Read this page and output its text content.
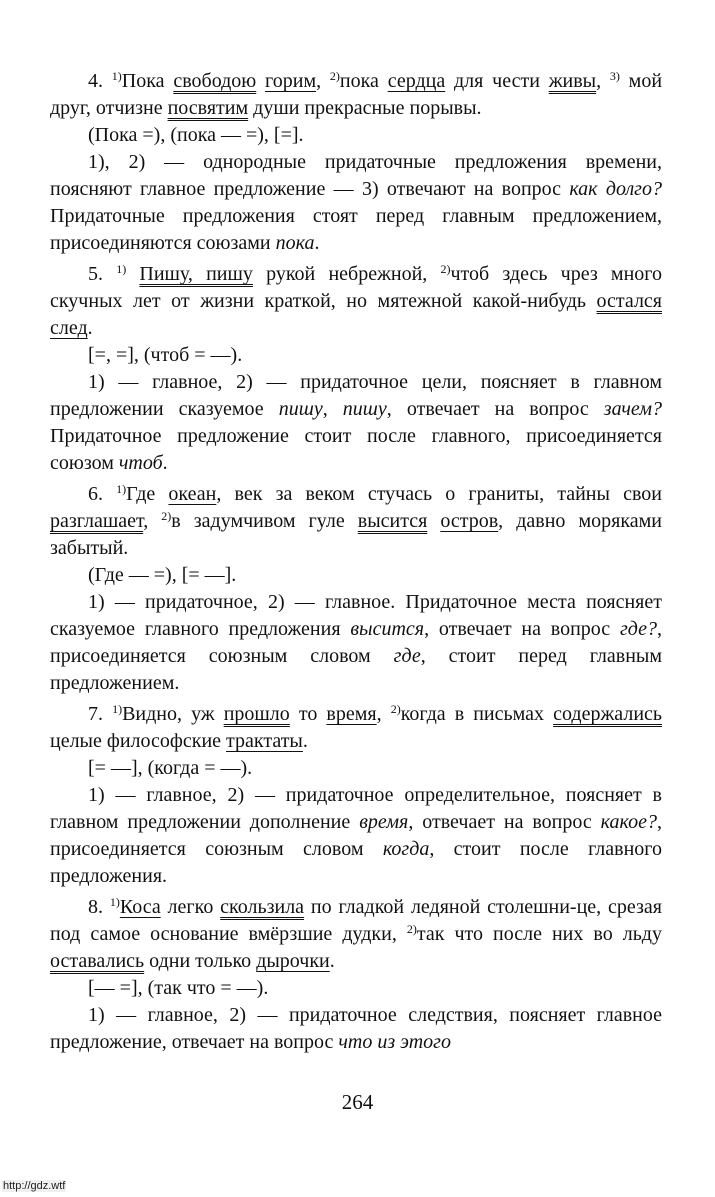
4. $^{1)}$Пока свободою горим, $^{2)}$пока сердца для чести живы, $^{3)}$ мой друг, отчизне посвятим души прекрасные порывы.

(Пока =), (пока — =), [=].

1), 2) — однородные придаточные предложения времени, поясняют главное предложение — 3) отвечают на вопрос как долго? Придаточные предложения стоят перед главным предложением, присоединяются союзами пока.

5. $^{1)}$ Пишу, пишу рукой небрежной, $^{2)}$чтоб здесь чрез много скучных лет от жизни краткой, но мятежной какой-нибудь остался след.

[=, =], (чтоб = —).

1) — главное, 2) — придаточное цели, поясняет в главном предложении сказуемое пишу, пишу, отвечает на вопрос зачем? Придаточное предложение стоит после главного, присоединяется союзом чтоб.

6. $^{1)}$Где океан, век за веком стучась о граниты, тайны свои разглашает, $^{2)}$в задумчивом гуле высится остров, давно моряками забытый.

(Где — =), [= —].

1) — придаточное, 2) — главное. Придаточное места поясняет сказуемое главного предложения высится, отвечает на вопрос где?, присоединяется союзным словом где, стоит перед главным предложением.

7. $^{1)}$Видно, уж прошло то время, $^{2)}$когда в письмах содержались целые философские трактаты.

[= —], (когда = —).

1) — главное, 2) — придаточное определительное, поясняет в главном предложении дополнение время, отвечает на вопрос какое?, присоединяется союзным словом когда, стоит после главного предложения.

8. $^{1)}$Коса легко скользила по гладкой ледяной столешни-це, срезая под самое основание вмёрзшие дудки, $^{2)}$так что после них во льду оставались одни только дырочки.

[— =], (так что = —).

1) — главное, 2) — придаточное следствия, поясняет главное предложение, отвечает на вопрос что из этого

264
http://gdz.wtf
